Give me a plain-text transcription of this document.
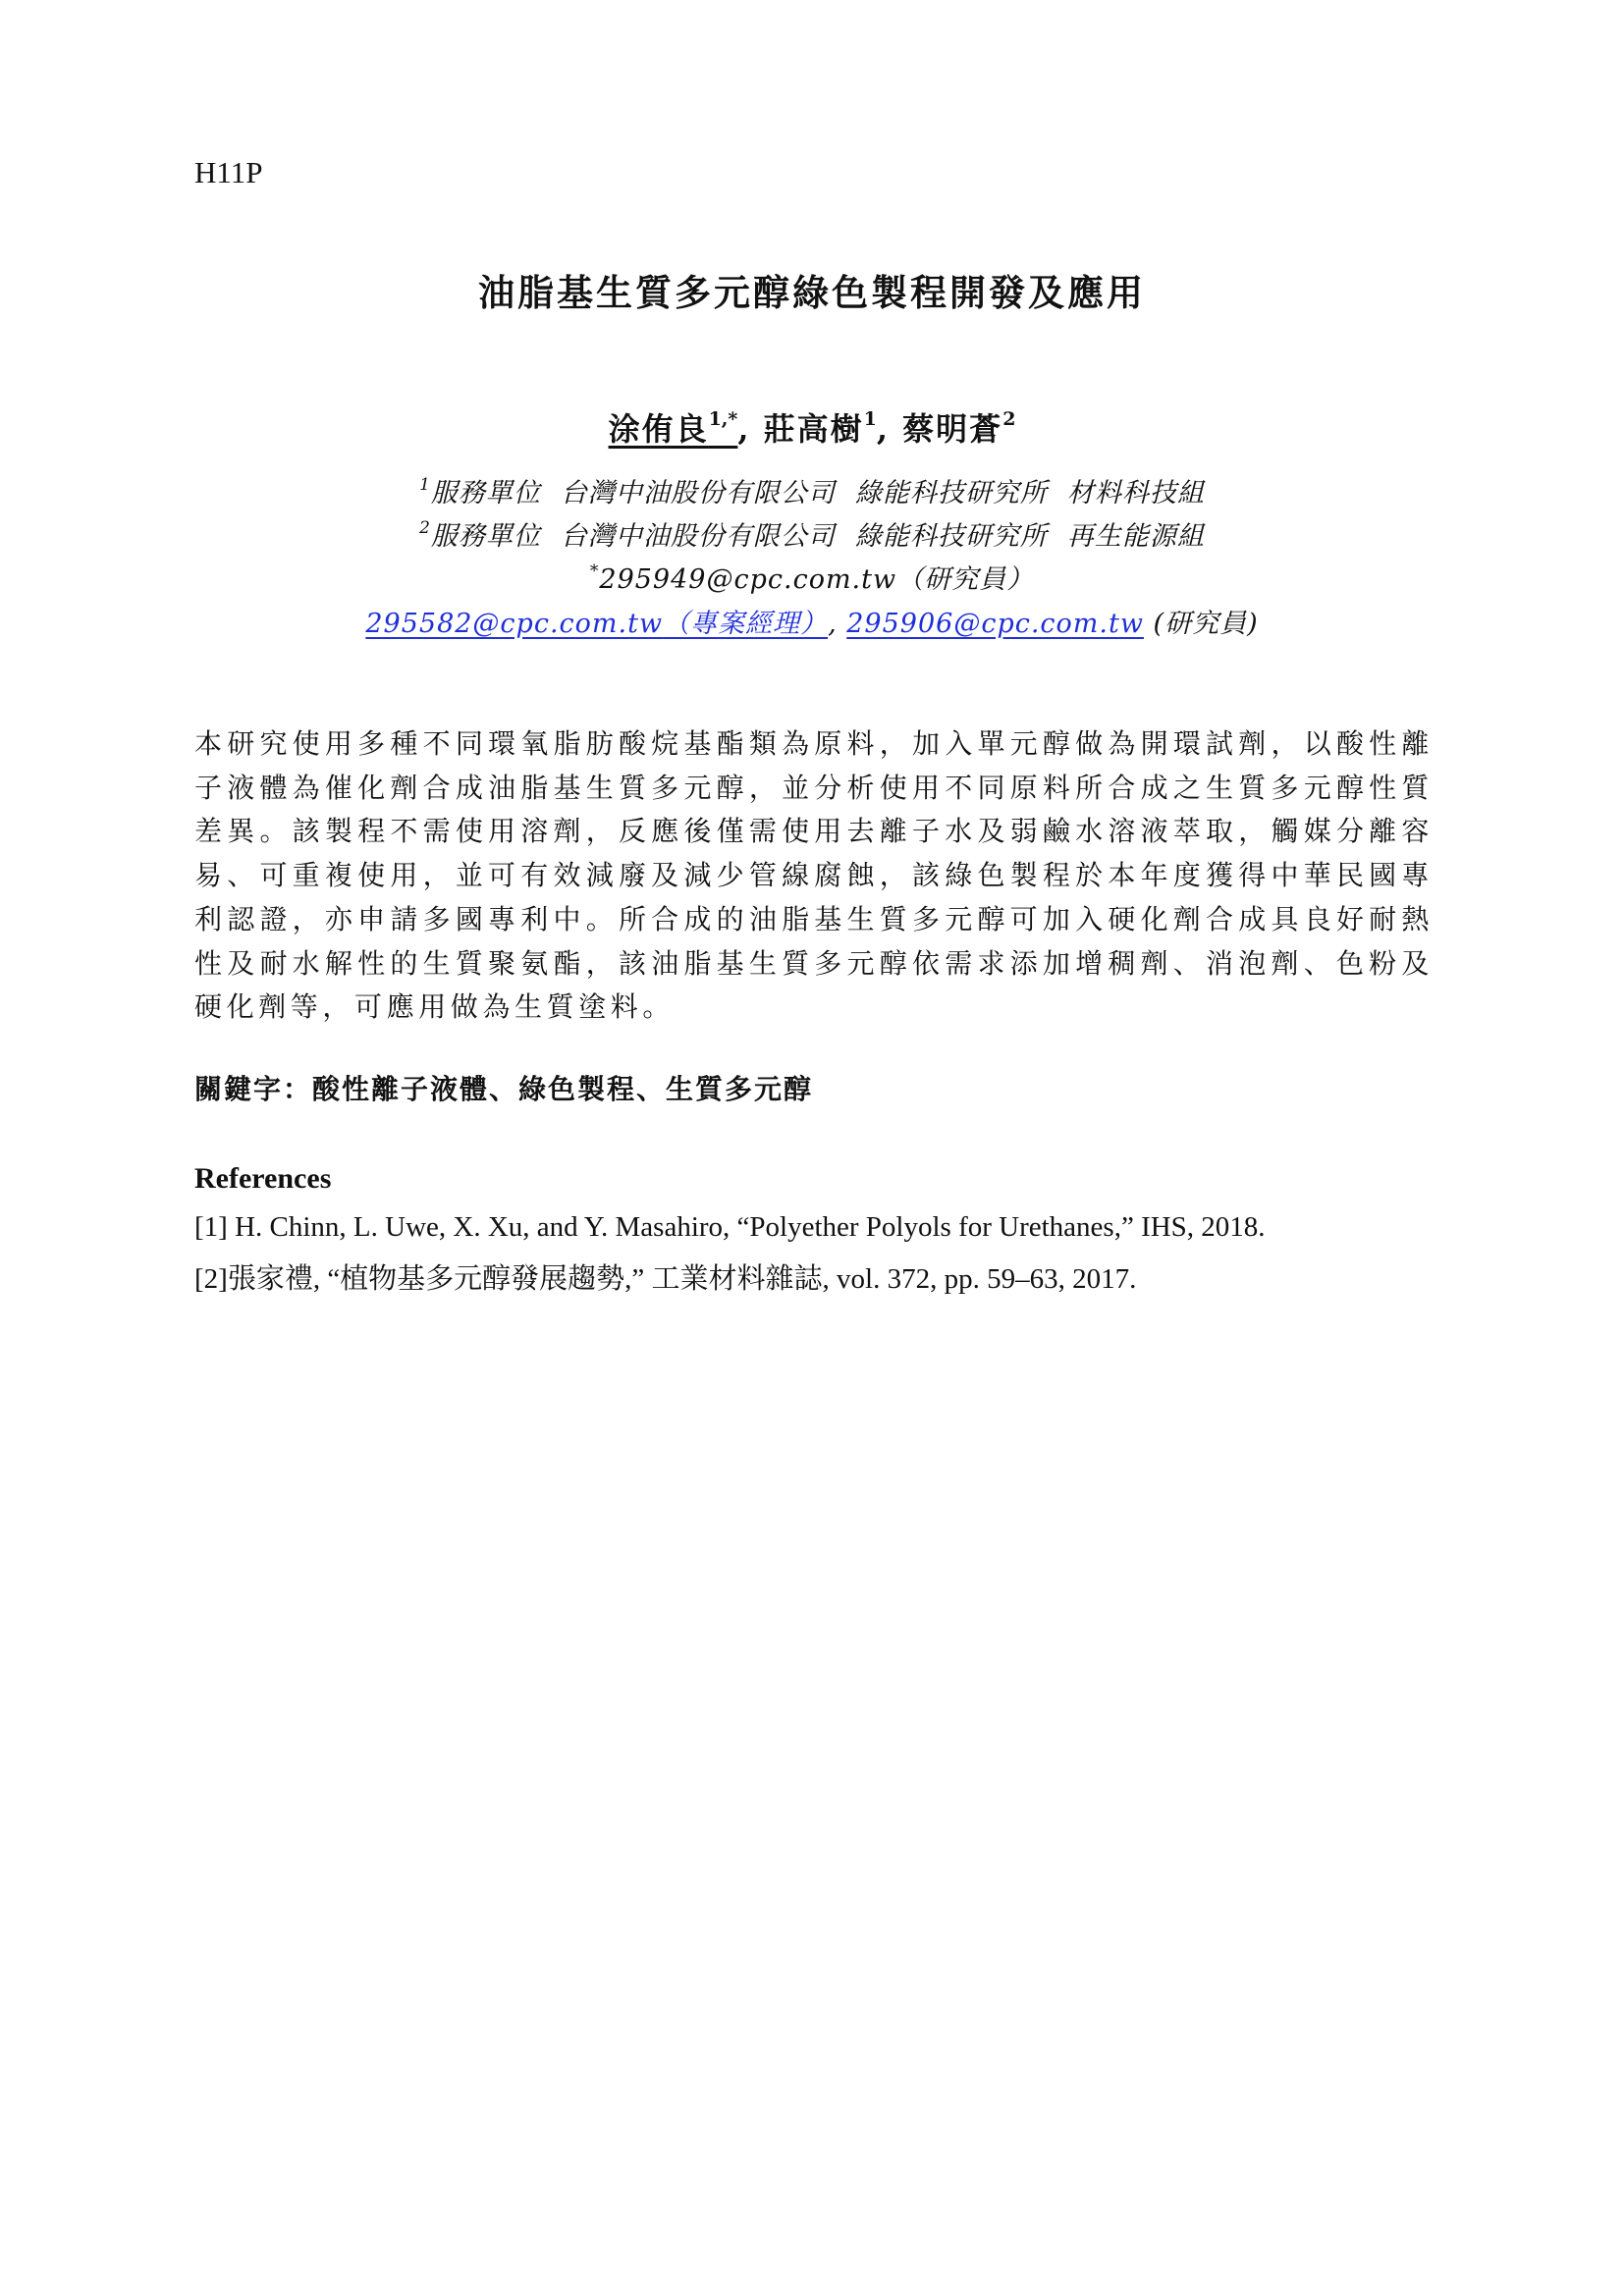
H11P
油脂基生質多元醇綠色製程開發及應用
涂侑良$^{1,*}$, 莊高樹$^1$, 蔡明蒼$^2$
$^1$服務單位 台灣中油股份有限公司 綠能科技研究所 材料科技組
$^2$服務單位 台灣中油股份有限公司 綠能科技研究所 再生能源組
*295949@cpc.com.tw（研究員）
295582@cpc.com.tw（專案經理）, 295906@cpc.com.tw (研究員)
本研究使用多種不同環氧脂肪酸烷基酯類為原料，加入單元醇做為開環試劑，以酸性離子液體為催化劑合成油脂基生質多元醇，並分析使用不同原料所合成之生質多元醇性質差異。該製程不需使用溶劑，反應後僅需使用去離子水及弱鹼水溶液萃取，觸媒分離容易、可重複使用，並可有效減廢及減少管線腐蝕，該綠色製程於本年度獲得中華民國專利認證，亦申請多國專利中。所合成的油脂基生質多元醇可加入硬化劑合成具良好耐熱性及耐水解性的生質聚氨酯，該油脂基生質多元醇依需求添加增稠劑、消泡劑、色粉及硬化劑等，可應用做為生質塗料。
關鍵字：酸性離子液體、綠色製程、生質多元醇
References
[1] H. Chinn, L. Uwe, X. Xu, and Y. Masahiro, “Polyether Polyols for Urethanes,” IHS, 2018.
[2]張家禮, “植物基多元醇發展趨勢,” 工業材料雜誌, vol. 372, pp. 59–63, 2017.
